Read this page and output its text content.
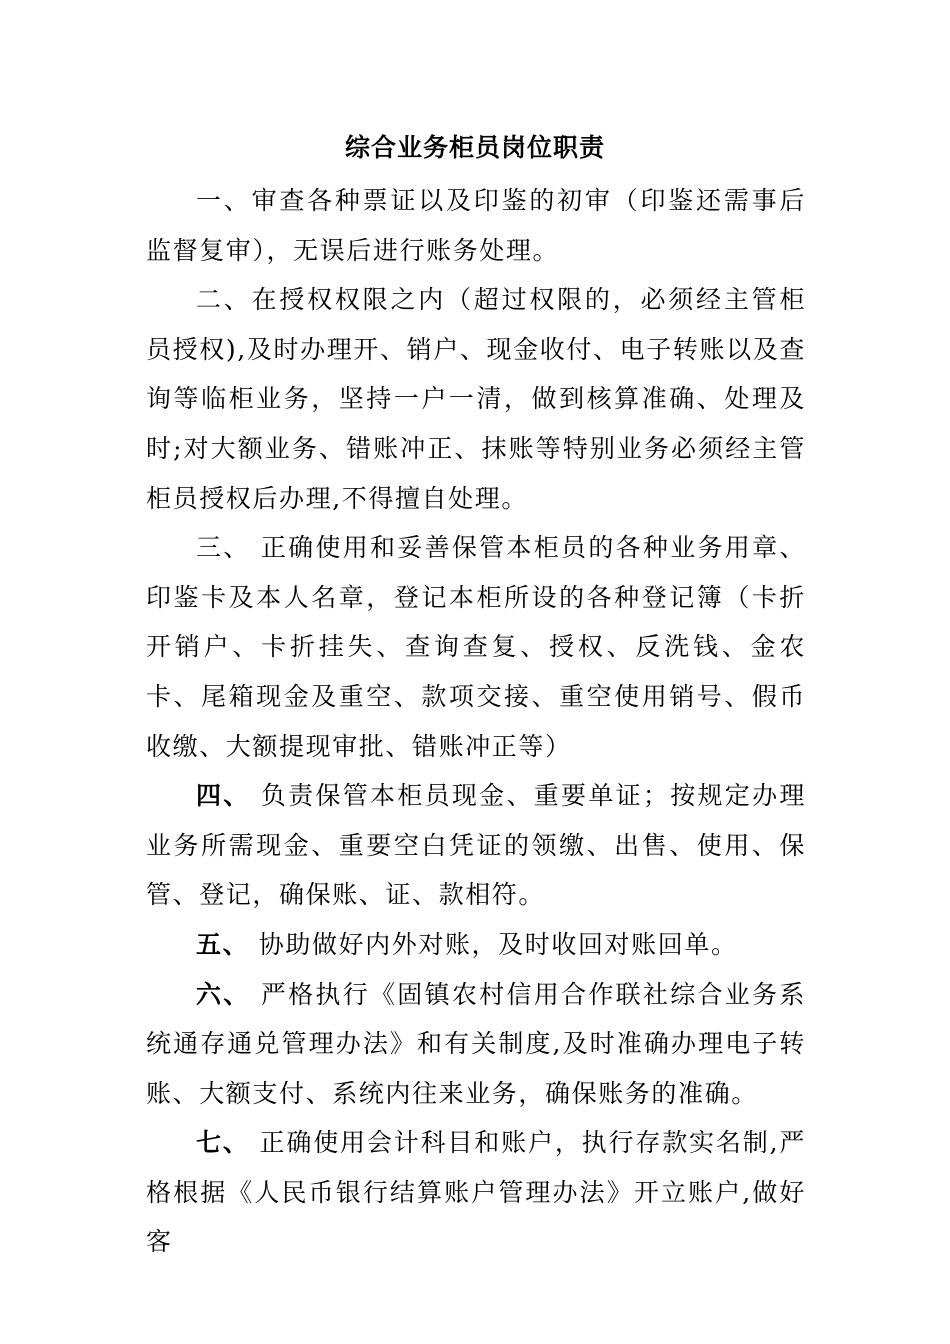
综合业务柜员岗位职责

一、审查各种票证以及印鉴的初审（印鉴还需事后监督复审），无误后进行账务处理。

二、在授权权限之内（超过权限的，必须经主管柜员授权),及时办理开、销户、现金收付、电子转账以及查询等临柜业务，坚持一户一清，做到核算准确、处理及时;对大额业务、错账冲正、抹账等特别业务必须经主管柜员授权后办理,不得擅自处理。

三、 正确使用和妥善保管本柜员的各种业务用章、印鉴卡及本人名章，登记本柜所设的各种登记簿（卡折开销户、卡折挂失、查询查复、授权、反洗钱、金农卡、尾箱现金及重空、款项交接、重空使用销号、假币收缴、大额提现审批、错账冲正等）

四、 负责保管本柜员现金、重要单证；按规定办理业务所需现金、重要空白凭证的领缴、出售、使用、保管、登记，确保账、证、款相符。

五、 协助做好内外对账，及时收回对账回单。

六、 严格执行《固镇农村信用合作联社综合业务系统通存通兑管理办法》和有关制度,及时准确办理电子转账、大额支付、系统内往来业务，确保账务的准确。

七、 正确使用会计科目和账户，执行存款实名制,严格根据《人民币银行结算账户管理办法》开立账户,做好客
